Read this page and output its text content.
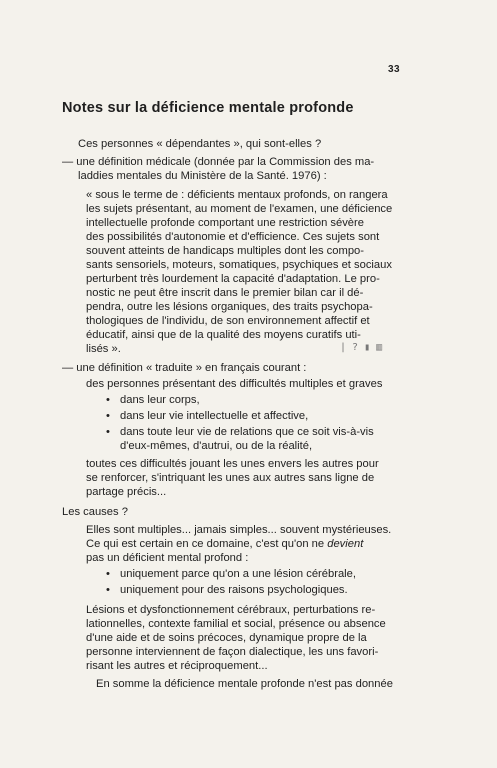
33
Notes sur la déficience mentale profonde
Ces personnes « dépendantes », qui sont-elles ?
— une définition médicale (donnée par la Commission des ma-
laddies mentales du Ministère de la Santé. 1976) :
« sous le terme de : déficients mentaux profonds, on rangera
les sujets présentant, au moment de l'examen, une déficience
intellectuelle profonde comportant une restriction sévère
des possibilités d'autonomie et d'efficience. Ces sujets sont
souvent atteints de handicaps multiples dont les compo-
sants sensoriels, moteurs, somatiques, psychiques et sociaux
perturbent très lourdement la capacité d'adaptation. Le pro-
nostic ne peut être inscrit dans le premier bilan car il dé-
pendra, outre les lésions organiques, des traits psychopa-
thologiques de l'individu, de son environnement affectif et
éducatif, ainsi que de la qualité des moyens curatifs uti-
lisés ».	| ? ▮ ▥
— une définition « traduite » en français courant :
des personnes présentant des difficultés multiples et graves
• dans leur corps,
• dans leur vie intellectuelle et affective,
• dans toute leur vie de relations que ce soit vis-à-vis
d'eux-mêmes, d'autrui, ou de la réalité,
toutes ces difficultés jouant les unes envers les autres pour
se renforcer, s'intriquant les unes aux autres sans ligne de
partage précis...
Les causes ?
Elles sont multiples... jamais simples... souvent mystérieuses.
Ce qui est certain en ce domaine, c'est qu'on ne devient
pas un déficient mental profond :
• uniquement parce qu'on a une lésion cérébrale,
• uniquement pour des raisons psychologiques.
Lésions et dysfonctionnement cérébraux, perturbations re-
lationnelles, contexte familial et social, présence ou absence
d'une aide et de soins précoces, dynamique propre de la
personne interviennent de façon dialectique, les uns favori-
risant les autres et réciproquement...
En somme la déficience mentale profonde n'est pas donnée
